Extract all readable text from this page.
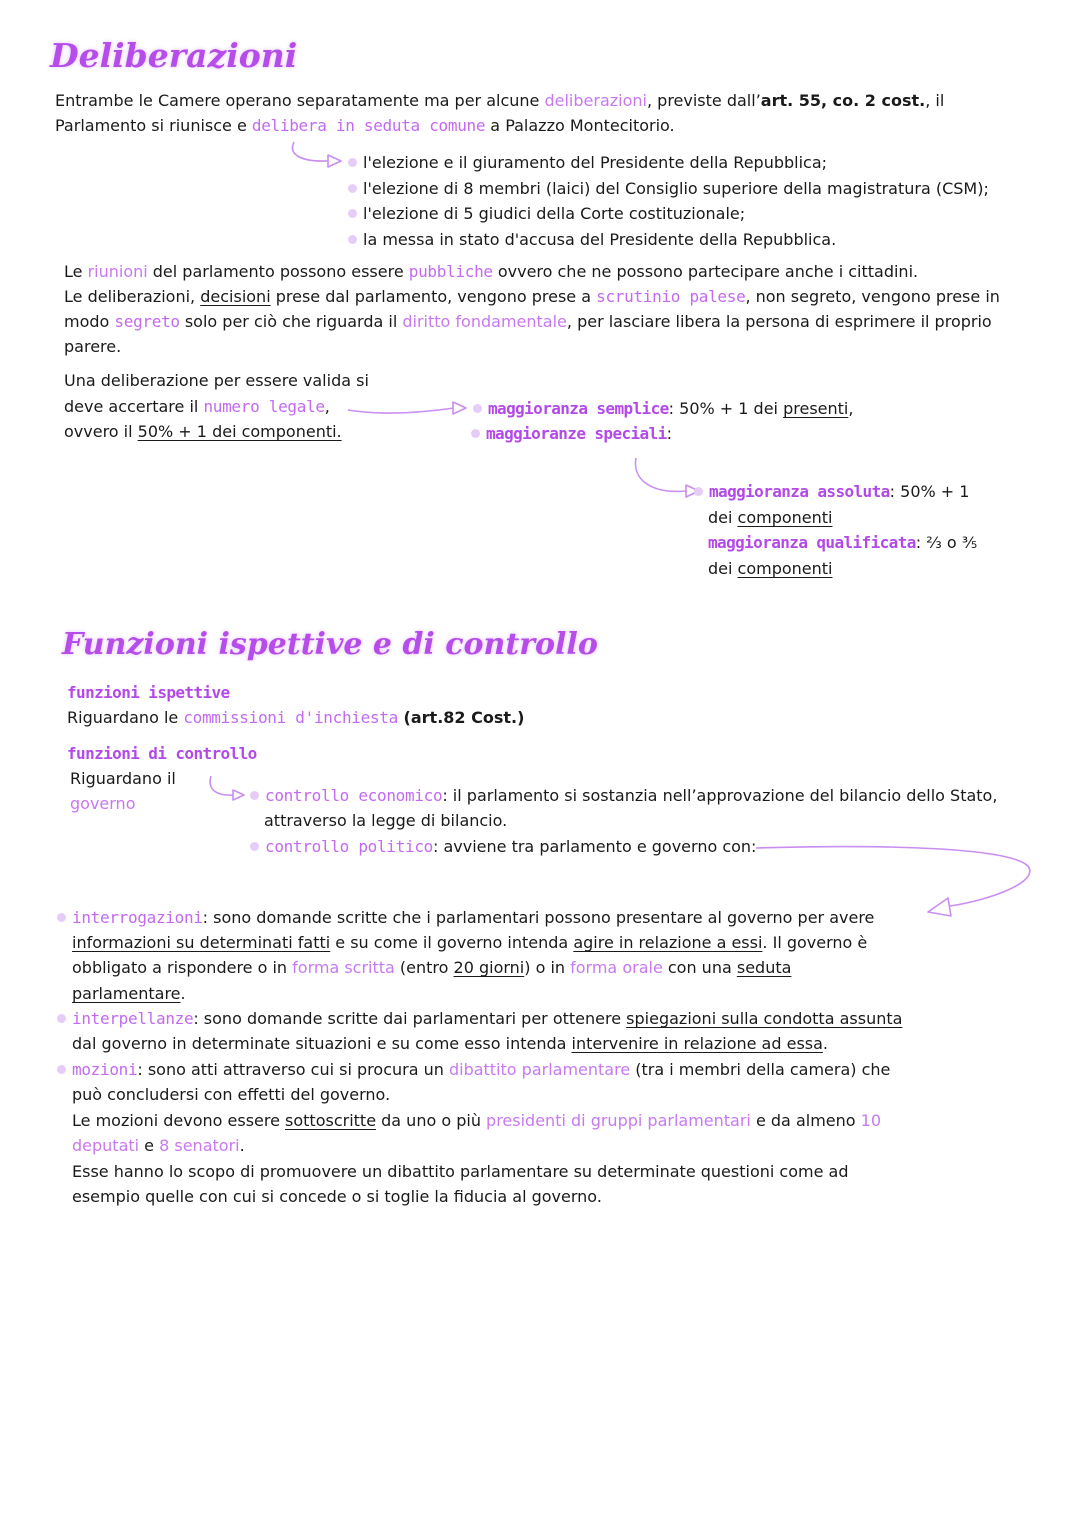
Deliberazioni
Entrambe le Camere operano separatamente ma per alcune deliberazioni, previste dall’art. 55, co. 2 cost., il
Parlamento si riunisce e delibera in seduta comune a Palazzo Montecitorio.
l'elezione e il giuramento del Presidente della Repubblica;
l'elezione di 8 membri (laici) del Consiglio superiore della magistratura (CSM);
l'elezione di 5 giudici della Corte costituzionale;
la messa in stato d'accusa del Presidente della Repubblica.
Le riunioni del parlamento possono essere pubbliche ovvero che ne possono partecipare anche i cittadini.
Le deliberazioni, decisioni prese dal parlamento, vengono prese a scrutinio palese, non segreto, vengono prese in
modo segreto solo per ciò che riguarda il diritto fondamentale, per lasciare libera la persona di esprimere il proprio
parere.
Una deliberazione per essere valida si
deve accertare il numero legale,
ovvero il 50% + 1 dei componenti.
maggioranza semplice: 50% + 1 dei presenti,
maggioranze speciali:
maggioranza assoluta: 50% + 1
dei componenti
maggioranza qualificata: ⅔ o ⅗
dei componenti
Funzioni ispettive e di controllo
funzioni ispettive
Riguardano le commissioni d'inchiesta (art.82 Cost.)
funzioni di controllo
Riguardano il
governo	controllo economico: il parlamento si sostanzia nell’approvazione del bilancio dello Stato,
attraverso la legge di bilancio.
controllo politico: avviene tra parlamento e governo con:
interrogazioni: sono domande scritte che i parlamentari possono presentare al governo per avere
informazioni su determinati fatti e su come il governo intenda agire in relazione a essi. Il governo è
obbligato a rispondere o in forma scritta (entro 20 giorni) o in forma orale con una seduta
parlamentare.
interpellanze: sono domande scritte dai parlamentari per ottenere spiegazioni sulla condotta assunta
dal governo in determinate situazioni e su come esso intenda intervenire in relazione ad essa.
mozioni: sono atti attraverso cui si procura un dibattito parlamentare (tra i membri della camera) che
può concludersi con effetti del governo.
Le mozioni devono essere sottoscritte da uno o più presidenti di gruppi parlamentari e da almeno 10
deputati e 8 senatori.
Esse hanno lo scopo di promuovere un dibattito parlamentare su determinate questioni come ad
esempio quelle con cui si concede o si toglie la fiducia al governo.
